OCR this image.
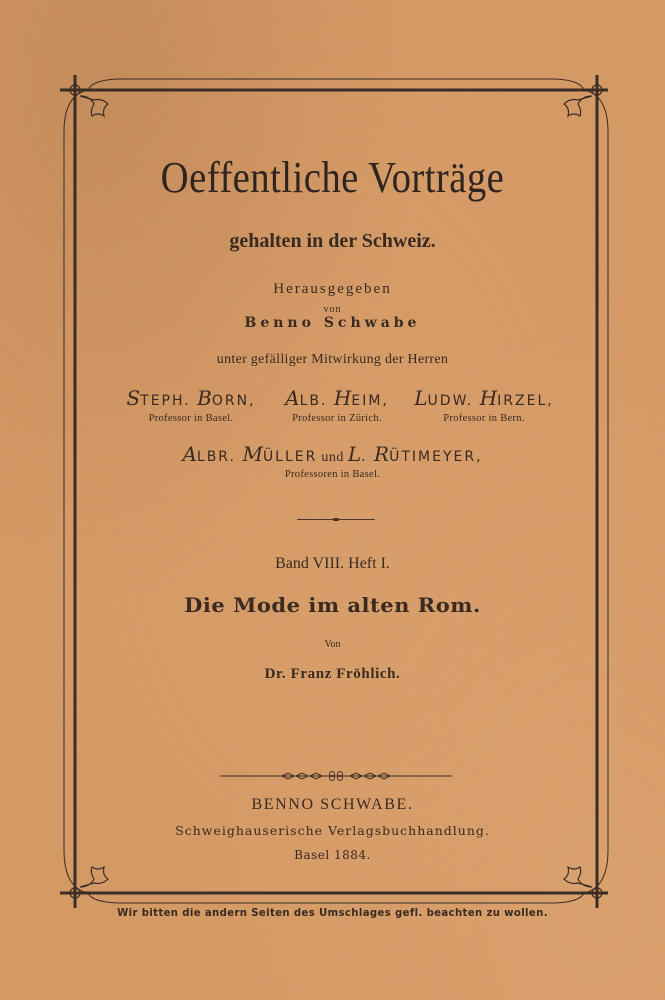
Oeffentliche Vorträge
gehalten in der Schweiz.
Herausgegeben
von
Benno Schwabe
unter gefälliger Mitwirkung der Herren
STEPH. BORN,
Professor in Basel.
ALB. HEIM,
Professor in Zürich.
LUDW. HIRZEL,
Professor in Bern.
ALBR. MÜLLER und L. RÜTIMEYER,
Professoren in Basel.
Band VIII. Heft I.
Die Mode im alten Rom.
Von
Dr. Franz Fröhlich.
BENNO SCHWABE.
Schweighauserische Verlagsbuchhandlung.
Basel 1884.
Wir bitten die andern Seiten des Umschlages gefl. beachten zu wollen.
